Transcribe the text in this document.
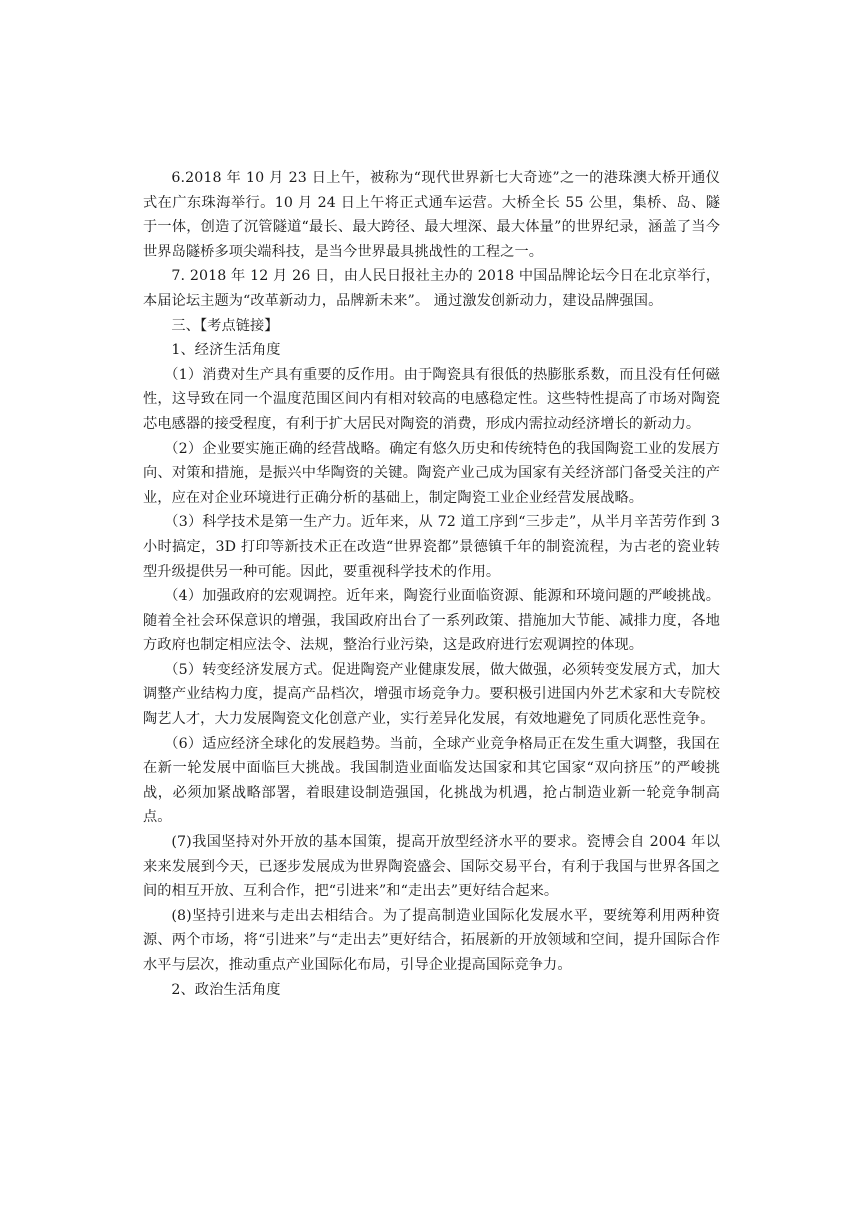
6.2018 年 10 月 23 日上午，被称为“现代世界新七大奇迹”之一的港珠澳大桥开通仪式在广东珠海举行。10 月 24 日上午将正式通车运营。大桥全长 55 公里，集桥、岛、隧于一体，创造了沉管隧道“最长、最大跨径、最大埋深、最大体量”的世界纪录，涵盖了当今世界岛隧桥多项尖端科技，是当今世界最具挑战性的工程之一。

7. 2018 年 12 月 26 日，由人民日报社主办的 2018 中国品牌论坛今日在北京举行，本届论坛主题为“改革新动力，品牌新未来”。 通过激发创新动力，建设品牌强国。

三、【考点链接】

1、经济生活角度

（1）消费对生产具有重要的反作用。由于陶瓷具有很低的热膨胀系数，而且没有任何磁性，这导致在同一个温度范围区间内有相对较高的电感稳定性。这些特性提高了市场对陶瓷芯电感器的接受程度，有利于扩大居民对陶瓷的消费，形成内需拉动经济增长的新动力。

（2）企业要实施正确的经营战略。确定有悠久历史和传统特色的我国陶瓷工业的发展方向、对策和措施，是振兴中华陶资的关键。陶瓷产业己成为国家有关经济部门备受关注的产业，应在对企业环境进行正确分析的基础上，制定陶瓷工业企业经营发展战略。

（3）科学技术是第一生产力。近年来，从 72 道工序到“三步走”，从半月辛苦劳作到 3 小时搞定，3D 打印等新技术正在改造“世界瓷都”景德镇千年的制瓷流程，为古老的瓷业转型升级提供另一种可能。因此，要重视科学技术的作用。

（4）加强政府的宏观调控。近年来，陶瓷行业面临资源、能源和环境问题的严峻挑战。随着全社会环保意识的增强，我国政府出台了一系列政策、措施加大节能、减排力度，各地方政府也制定相应法令、法规，整治行业污染，这是政府进行宏观调控的体现。

（5）转变经济发展方式。促进陶瓷产业健康发展，做大做强，必须转变发展方式，加大调整产业结构力度，提高产品档次，增强市场竞争力。要积极引进国内外艺术家和大专院校陶艺人才，大力发展陶瓷文化创意产业，实行差异化发展，有效地避免了同质化恶性竞争。

（6）适应经济全球化的发展趋势。当前，全球产业竞争格局正在发生重大调整，我国在在新一轮发展中面临巨大挑战。我国制造业面临发达国家和其它国家“双向挤压”的严峻挑战，必须加紧战略部署，着眼建设制造强国，化挑战为机遇，抢占制造业新一轮竞争制高点。

(7)我国坚持对外开放的基本国策，提高开放型经济水平的要求。瓷博会自 2004 年以来来发展到今天，已逐步发展成为世界陶瓷盛会、国际交易平台，有利于我国与世界各国之间的相互开放、互利合作，把“引进来”和“走出去”更好结合起来。

(8)坚持引进来与走出去相结合。为了提高制造业国际化发展水平，要统筹利用两种资源、两个市场，将“引进来”与“走出去”更好结合，拓展新的开放领域和空间，提升国际合作水平与层次，推动重点产业国际化布局，引导企业提高国际竞争力。

2、政治生活角度
